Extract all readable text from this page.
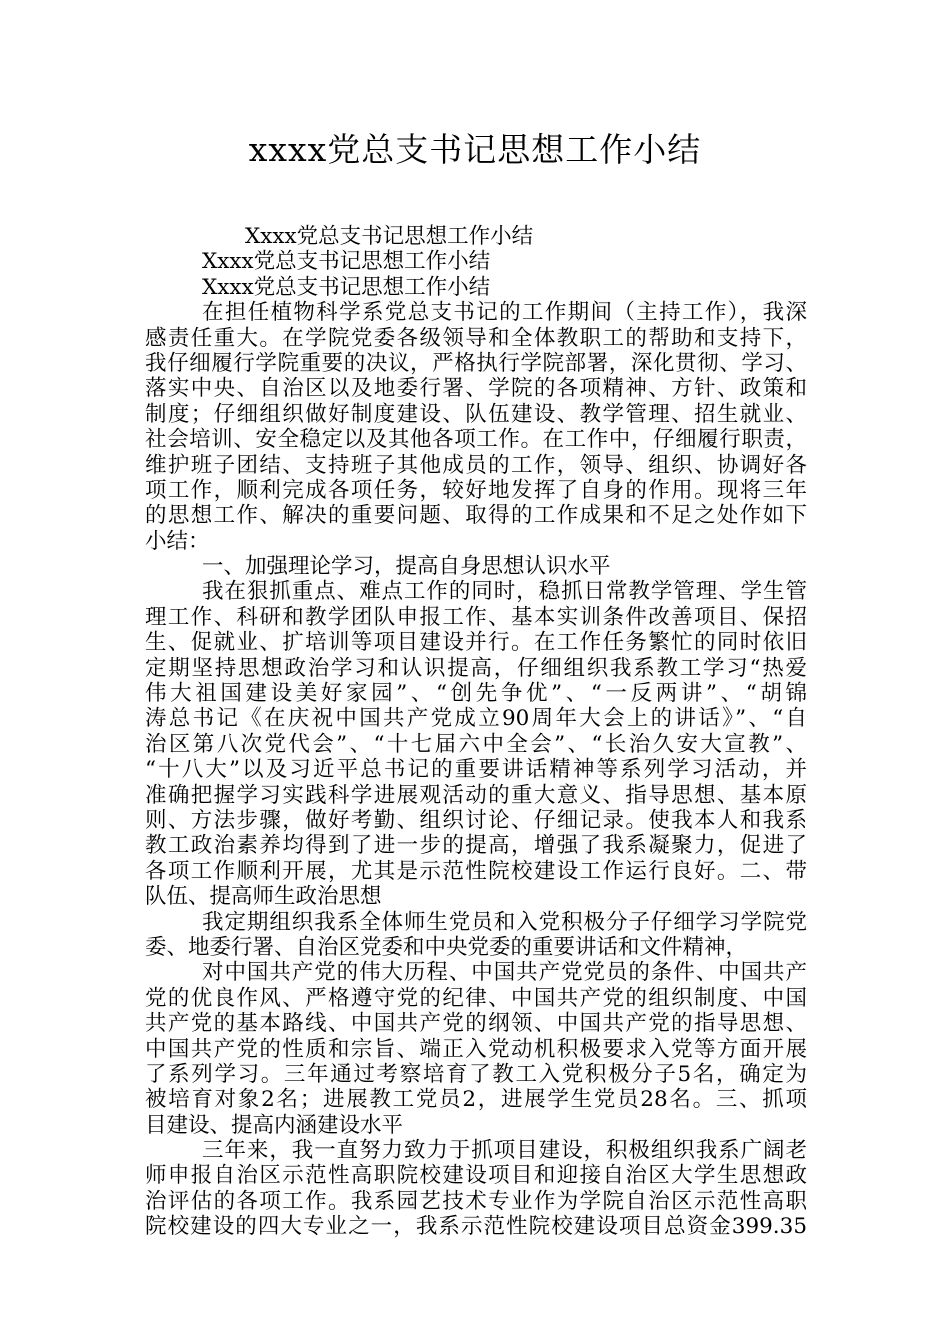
xxxx党总支书记思想工作小结

Xxxx党总支书记思想工作小结

Xxxx党总支书记思想工作小结

Xxxx党总支书记思想工作小结

在担任植物科学系党总支书记的工作期间（主持工作），我深

感责任重大。在学院党委各级领导和全体教职工的帮助和支持下，

我仔细履行学院重要的决议，严格执行学院部署，深化贯彻、学习、

落实中央、自治区以及地委行署、学院的各项精神、方针、政策和

制度；仔细组织做好制度建设、队伍建设、教学管理、招生就业、

社会培训、安全稳定以及其他各项工作。在工作中，仔细履行职责，

维护班子团结、支持班子其他成员的工作，领导、组织、协调好各

项工作，顺利完成各项任务，较好地发挥了自身的作用。现将三年

的思想工作、解决的重要问题、取得的工作成果和不足之处作如下

小结：

一、加强理论学习，提高自身思想认识水平

我在狠抓重点、难点工作的同时，稳抓日常教学管理、学生管

理工作、科研和教学团队申报工作、基本实训条件改善项目、保招

生、促就业、扩培训等项目建设并行。在工作任务繁忙的同时依旧

定期坚持思想政治学习和认识提高，仔细组织我系教工学习“热爱

伟大祖国建设美好家园”、“创先争优”、“一反两讲”、“胡锦

涛总书记《在庆祝中国共产党成立90周年大会上的讲话》”、“自

治区第八次党代会”、“十七届六中全会”、“长治久安大宣教”、

“十八大”以及习近平总书记的重要讲话精神等系列学习活动，并

准确把握学习实践科学进展观活动的重大意义、指导思想、基本原

则、方法步骤，做好考勤、组织讨论、仔细记录。使我本人和我系

教工政治素养均得到了进一步的提高，增强了我系凝聚力，促进了

各项工作顺利开展，尤其是示范性院校建设工作运行良好。二、带

队伍、提高师生政治思想

我定期组织我系全体师生党员和入党积极分子仔细学习学院党

委、地委行署、自治区党委和中央党委的重要讲话和文件精神，

对中国共产党的伟大历程、中国共产党党员的条件、中国共产

党的优良作风、严格遵守党的纪律、中国共产党的组织制度、中国

共产党的基本路线、中国共产党的纲领、中国共产党的指导思想、

中国共产党的性质和宗旨、端正入党动机积极要求入党等方面开展

了系列学习。三年通过考察培育了教工入党积极分子5名，确定为

被培育对象2名；进展教工党员2，进展学生党员28名。三、抓项

目建设、提高内涵建设水平

三年来，我一直努力致力于抓项目建设，积极组织我系广阔老

师申报自治区示范性高职院校建设项目和迎接自治区大学生思想政

治评估的各项工作。我系园艺技术专业作为学院自治区示范性高职

院校建设的四大专业之一，我系示范性院校建设项目总资金399.35
